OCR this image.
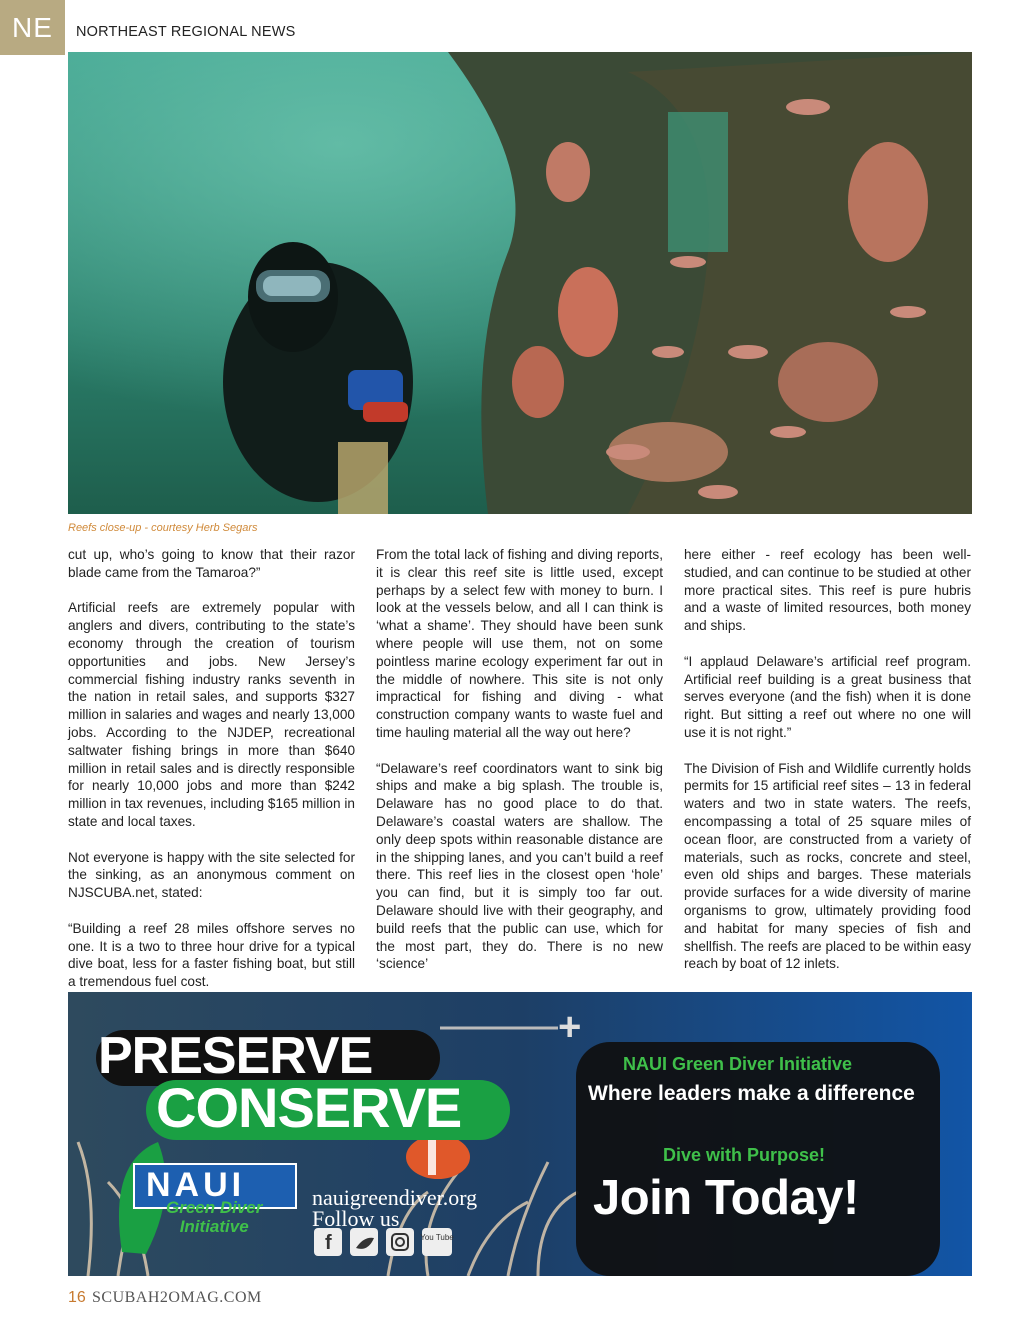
NE	NORTHEAST REGIONAL NEWS
Reefs close-up - courtesy Herb Segars

cut up, who’s going to know that their razor blade came from the Tamaroa?”

Artificial reefs are extremely popular with anglers and divers, contributing to the state’s economy through the creation of tourism opportunities and jobs. New Jersey’s commercial fishing industry ranks seventh in the nation in retail sales, and supports $327 million in salaries and wages and nearly 13,000 jobs. According to the NJDEP, recreational saltwater fishing brings in more than $640 million in retail sales and is directly responsible for nearly 10,000 jobs and more than $242 million in tax revenues, including $165 million in state and local taxes.

Not everyone is happy with the site selected for the sinking, as an anonymous comment on NJSCUBA.net, stated:

“Building a reef 28 miles offshore serves no one. It is a two to three hour drive for a typical dive boat, less for a faster fishing boat, but still a tremendous fuel cost.

From the total lack of fishing and diving reports, it is clear this reef site is little used, except perhaps by a select few with money to burn. I look at the vessels below, and all I can think is ‘what a shame’. They should have been sunk where people will use them, not on some pointless marine ecology experiment far out in the middle of nowhere. This site is not only impractical for fishing and diving - what construction company wants to waste fuel and time hauling material all the way out here?

“Delaware’s reef coordinators want to sink big ships and make a big splash. The trouble is, Delaware has no good place to do that. Delaware’s coastal waters are shallow. The only deep spots within reasonable distance are in the shipping lanes, and you can’t build a reef there. This reef lies in the closest open ‘hole’ you can find, but it is simply too far out. Delaware should live with their geography, and build reefs that the public can use, which for the most part, they do. There is no new ‘science’

here either - reef ecology has been well-studied, and can continue to be studied at other more practical sites. This reef is pure hubris and a waste of limited resources, both money and ships.

“I applaud Delaware’s artificial reef program. Artificial reef building is a great business that serves everyone (and the fish) when it is done right. But sitting a reef out where no one will use it is not right.”

The Division of Fish and Wildlife currently holds permits for 15 artificial reef sites – 13 in federal waters and two in state waters. The reefs, encompassing a total of 25 square miles of ocean floor, are constructed from a variety of materials, such as rocks, concrete and steel, even old ships and barges. These materials provide surfaces for a wide diversity of marine organisms to grow, ultimately providing food and habitat for many species of fish and shellfish. The reefs are placed to be within easy reach by boat of 12 inlets.

+
f	You Tube
PRESERVE
CONSERVE
NAUI Green Diver Initiative
Where leaders make a difference
Dive with Purpose!
Join Today!
nauigreendiver.org
Follow us
NAUI
Green Diver
Initiative
16 SCUBAH2OMAG.COM
